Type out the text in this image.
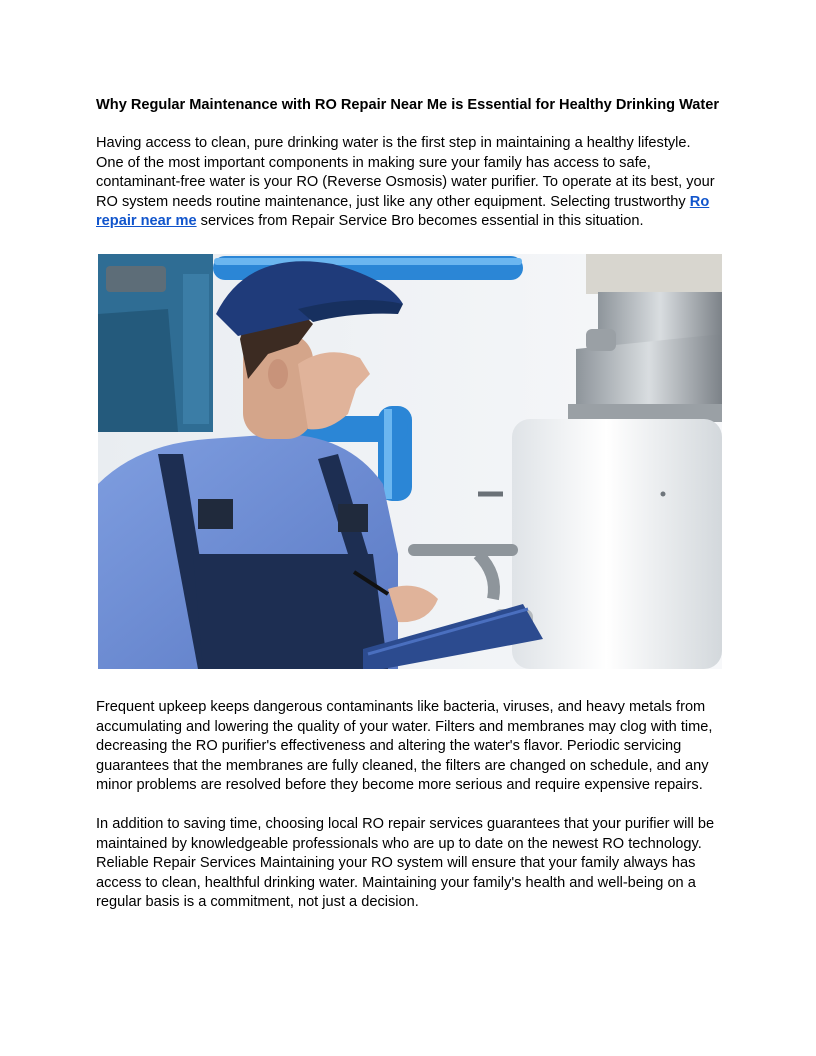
Why Regular Maintenance with RO Repair Near Me is Essential for Healthy Drinking Water

Having access to clean, pure drinking water is the first step in maintaining a healthy lifestyle. One of the most important components in making sure your family has access to safe, contaminant-free water is your RO (Reverse Osmosis) water purifier. To operate at its best, your RO system needs routine maintenance, just like any other equipment. Selecting trustworthy Ro repair near me services from Repair Service Bro becomes essential in this situation.

Frequent upkeep keeps dangerous contaminants like bacteria, viruses, and heavy metals from accumulating and lowering the quality of your water. Filters and membranes may clog with time, decreasing the RO purifier's effectiveness and altering the water's flavor. Periodic servicing guarantees that the membranes are fully cleaned, the filters are changed on schedule, and any minor problems are resolved before they become more serious and require expensive repairs.

In addition to saving time, choosing local RO repair services guarantees that your purifier will be maintained by knowledgeable professionals who are up to date on the newest RO technology. Reliable Repair Services Maintaining your RO system will ensure that your family always has access to clean, healthful drinking water. Maintaining your family's health and well-being on a regular basis is a commitment, not just a decision.
